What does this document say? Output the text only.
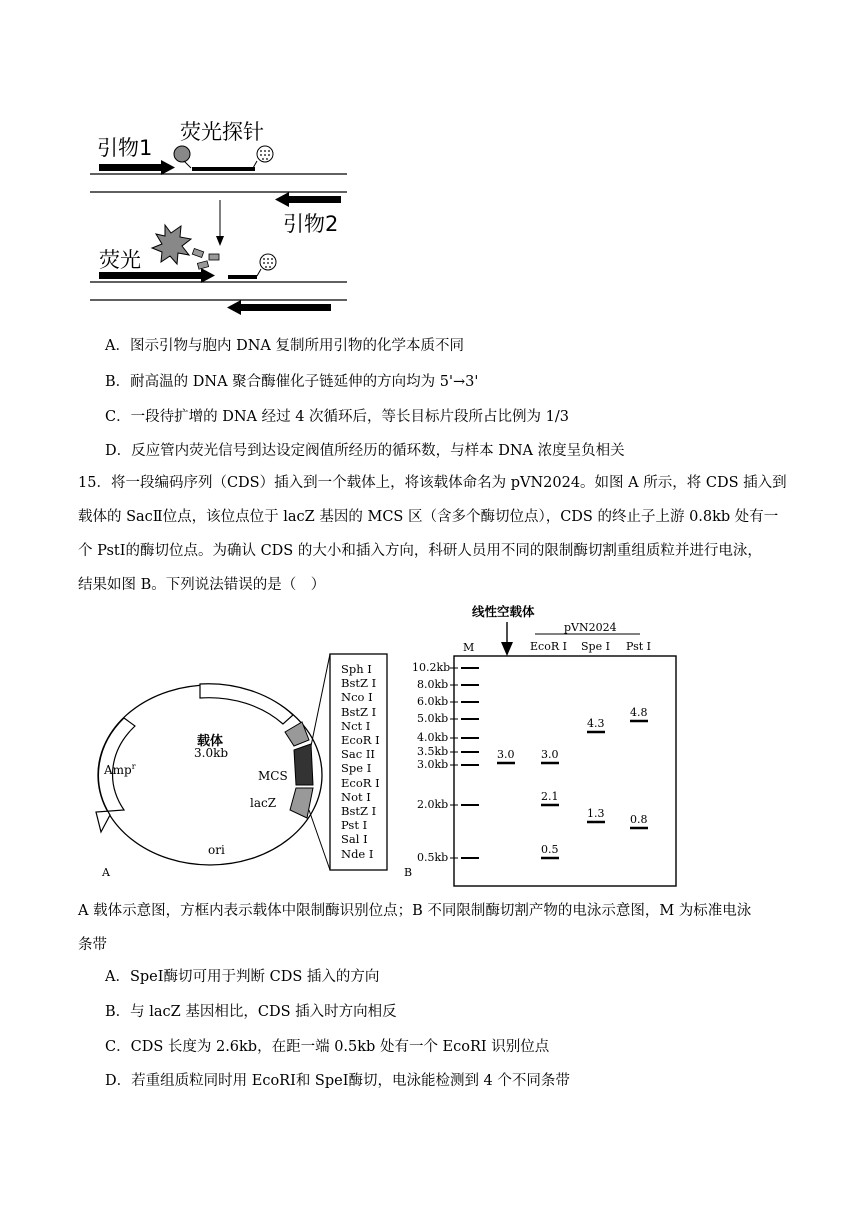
引物1
荧光探针
引物2
荧光
A．图示引物与胞内 DNA 复制所用引物的化学本质不同
B．耐高温的 DNA 聚合酶催化子链延伸的方向均为 5'→3'
C．一段待扩增的 DNA 经过 4 次循环后，等长目标片段所占比例为 1/3
D．反应管内荧光信号到达设定阀值所经历的循环数，与样本 DNA 浓度呈负相关
15．将一段编码序列（CDS）插入到一个载体上，将该载体命名为 pVN2024。如图 A 所示，将 CDS 插入到
载体的 SacⅡ位点，该位点位于 lacZ 基因的 MCS 区（含多个酶切位点），CDS 的终止子上游 0.8kb 处有一
个 PstⅠ的酶切位点。为确认 CDS 的大小和插入方向，科研人员用不同的限制酶切割重组质粒并进行电泳，
结果如图 B。下列说法错误的是（　）
Amp$^r$
载体
3.0kb
MCS
lacZ
ori
A
Sph I
BstZ I
Nco I
BstZ I
Nct I
EcoR I
Sac II
Spe I
EcoR I
Not I
BstZ I
Pst I
Sal I
Nde I
10.2kb
8.0kb
6.0kb
5.0kb
4.0kb
3.5kb
3.0kb
2.0kb
0.5kb
线性空载体
M
pVN2024
EcoR I Spe I Pst I
3.0 3.0
2.1
0.5
4.3
1.3
4.8
0.8
B
A 载体示意图，方框内表示载体中限制酶识别位点；B 不同限制酶切割产物的电泳示意图，M 为标准电泳
条带
A．SpeⅠ酶切可用于判断 CDS 插入的方向
B．与 lacZ 基因相比，CDS 插入时方向相反
C．CDS 长度为 2.6kb，在距一端 0.5kb 处有一个 EcoRI 识别位点
D．若重组质粒同时用 EcoRⅠ和 SpeⅠ酶切，电泳能检测到 4 个不同条带
